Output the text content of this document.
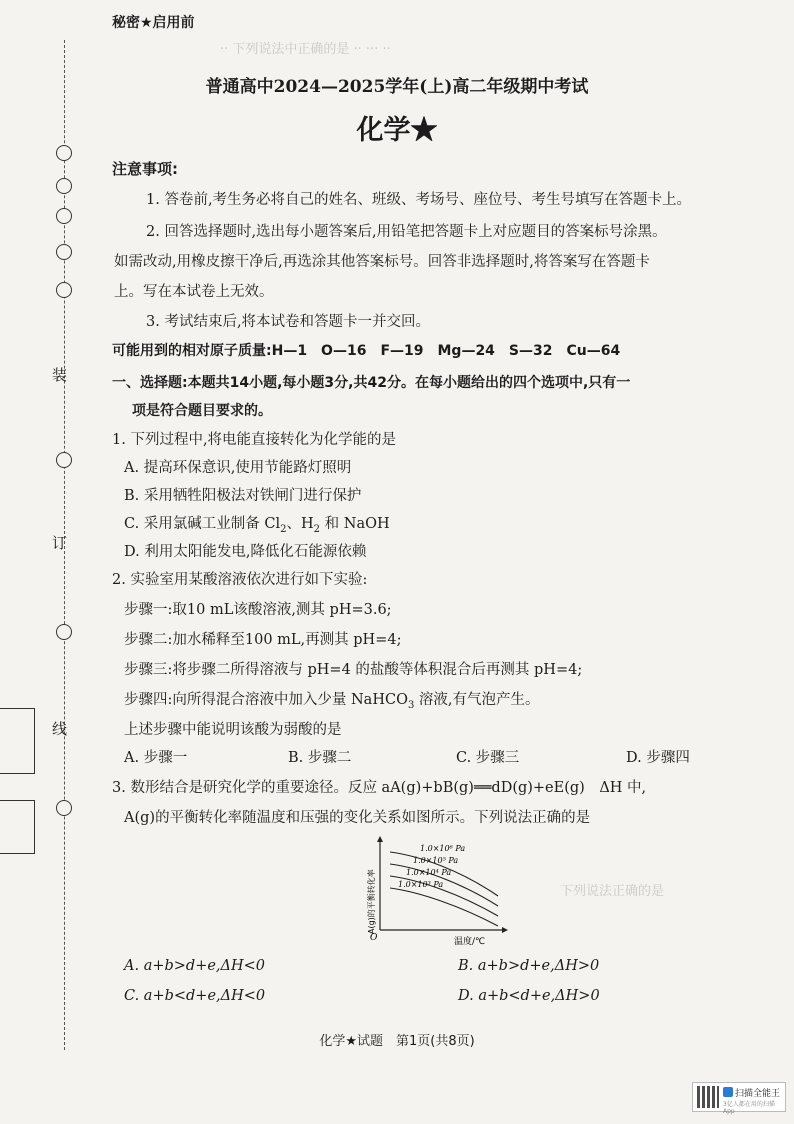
·· 下列说法中正确的是 ·· ··· ··
下列说法正确的是
装
订
线
秘密★启用前
普通高中2024—2025学年(上)高二年级期中考试
化学★
注意事项:
1. 答卷前,考生务必将自己的姓名、班级、考场号、座位号、考生号填写在答题卡上。
2. 回答选择题时,选出每小题答案后,用铅笔把答题卡上对应题目的答案标号涂黑。
如需改动,用橡皮擦干净后,再选涂其他答案标号。回答非选择题时,将答案写在答题卡
上。写在本试卷上无效。
3. 考试结束后,将本试卷和答题卡一并交回。
可能用到的相对原子质量:H—1　O—16　F—19　Mg—24　S—32　Cu—64
一、选择题:本题共14小题,每小题3分,共42分。在每小题给出的四个选项中,只有一
项是符合题目要求的。
1. 下列过程中,将电能直接转化为化学能的是
A. 提高环保意识,使用节能路灯照明
B. 采用牺牲阳极法对铁闸门进行保护
C. 采用氯碱工业制备 $Cl_2$、$H_2$ 和 NaOH
D. 利用太阳能发电,降低化石能源依赖
2. 实验室用某酸溶液依次进行如下实验:
步骤一:取10 mL该酸溶液,测其 pH=3.6;
步骤二:加水稀释至100 mL,再测其 pH=4;
步骤三:将步骤二所得溶液与 pH=4 的盐酸等体积混合后再测其 pH=4;
步骤四:向所得混合溶液中加入少量 NaHCO$_3$ 溶液,有气泡产生。
上述步骤中能说明该酸为弱酸的是
A. 步骤一	B. 步骤二	C. 步骤三	D. 步骤四
3. 数形结合是研究化学的重要途径。反应 aA(g)+bB(g)══dD(g)+eE(g)　ΔH 中,
A(g)的平衡转化率随温度和压强的变化关系如图所示。下列说法正确的是
1.0×10⁶ Pa
1.0×10⁵ Pa
1.0×10⁴ Pa
1.0×10³ Pa
O	温度/℃
A(g)的平衡转化率
A. a+b>d+e,ΔH<0	B. a+b>d+e,ΔH>0
C. a+b<d+e,ΔH<0	D. a+b<d+e,ΔH>0
化学★试题　第1页(共8页)
扫描全能王
3亿人都在用的扫描App
